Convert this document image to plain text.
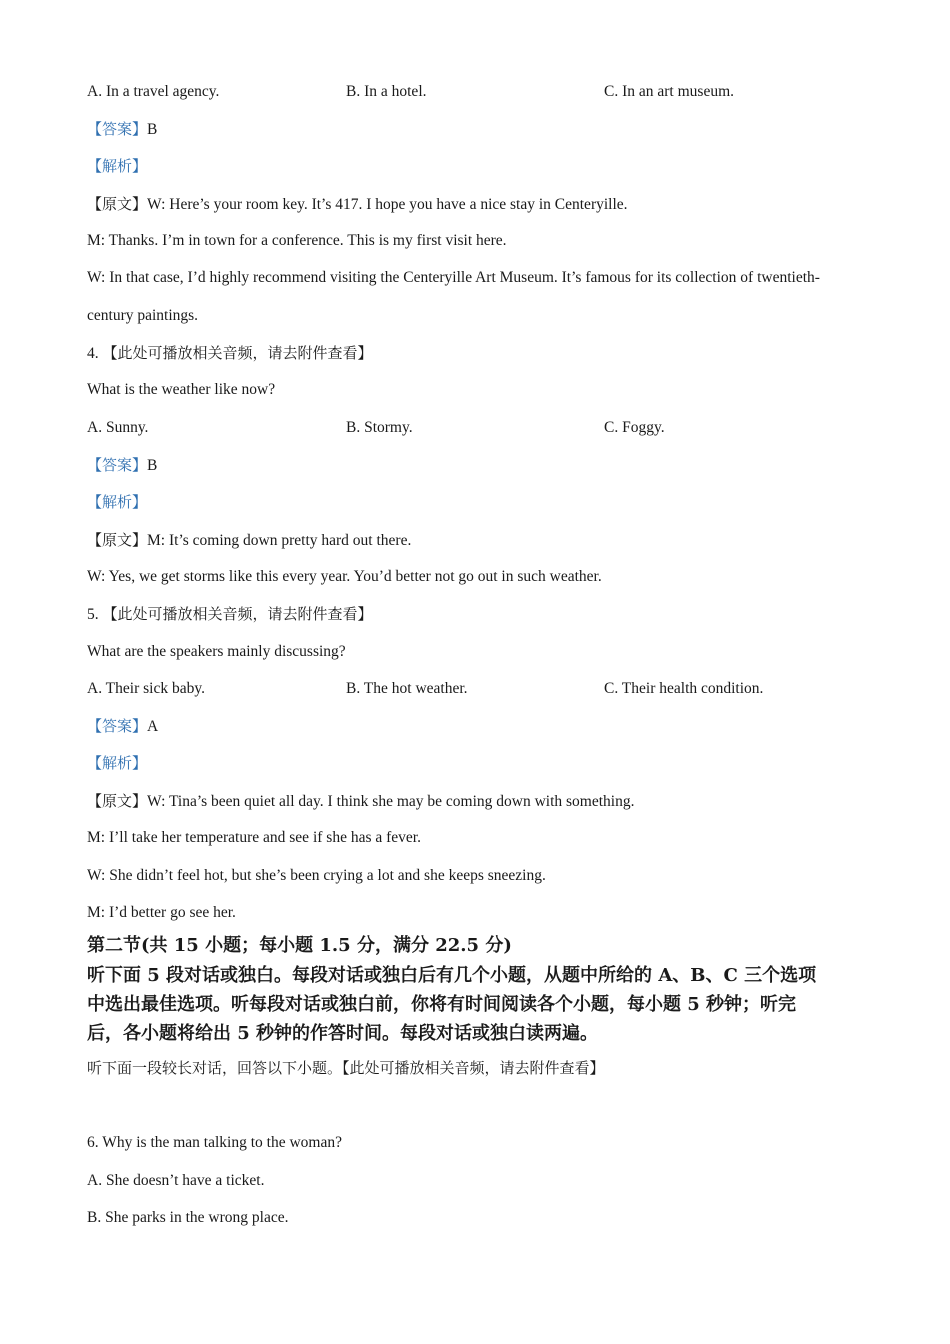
A. In a travel agency.	B. In a hotel.	C. In an art museum.
【答案】B
【解析】
【原文】W: Here’s your room key. It’s 417. I hope you have a nice stay in Centeryille.
M: Thanks. I’m in town for a conference. This is my first visit here.
W: In that case, I’d highly recommend visiting the Centeryille Art Museum. It’s famous for its collection of twentieth-
century paintings.
4. 【此处可播放相关音频，请去附件查看】
What is the weather like now?
A. Sunny.	B. Stormy.	C. Foggy.
【答案】B
【解析】
【原文】M: It’s coming down pretty hard out there.
W: Yes, we get storms like this every year. You’d better not go out in such weather.
5. 【此处可播放相关音频，请去附件查看】
What are the speakers mainly discussing?
A. Their sick baby.	B. The hot weather.	C. Their health condition.
【答案】A
【解析】
【原文】W: Tina’s been quiet all day. I think she may be coming down with something.
M: I’ll take her temperature and see if she has a fever.
W: She didn’t feel hot, but she’s been crying a lot and she keeps sneezing.
M: I’d better go see her.
第二节(共 15 小题；每小题 1.5 分，满分 22.5 分)
听下面 5 段对话或独白。每段对话或独白后有几个小题，从题中所给的 A、B、C 三个选项
中选出最佳选项。听每段对话或独白前，你将有时间阅读各个小题，每小题 5 秒钟；听完
后，各小题将给出 5 秒钟的作答时间。每段对话或独白读两遍。
听下面一段较长对话，回答以下小题。【此处可播放相关音频，请去附件查看】
6. Why is the man talking to the woman?
A. She doesn’t have a ticket.
B. She parks in the wrong place.
